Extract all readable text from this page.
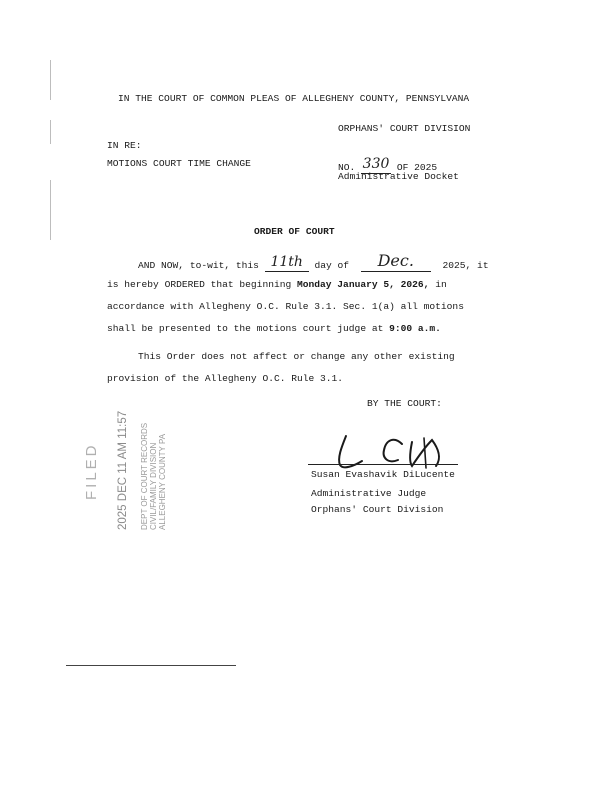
IN THE COURT OF COMMON PLEAS OF ALLEGHENY COUNTY, PENNSYLVANA
ORPHANS' COURT DIVISION
IN RE:
MOTIONS COURT TIME CHANGE	NO. 330 OF 2025
Administrative Docket
ORDER OF COURT
AND NOW, to-wit, this 11th day of Dec.	2025, it
is hereby ORDERED that beginning Monday January 5, 2026, in
accordance with Allegheny O.C. Rule 3.1. Sec. 1(a) all motions
shall be presented to the motions court judge at 9:00 a.m.
This Order does not affect or change any other existing
provision of the Allegheny O.C. Rule 3.1.
BY THE COURT:
Susan Evashavik DiLucente
Administrative Judge
Orphans' Court Division
FILED 2025 DEC 11 AM 11:57 DEPT OF COURT RECORDS CIVIL/FAMILY DIVISION ALLEGHENY COUNTY PA
